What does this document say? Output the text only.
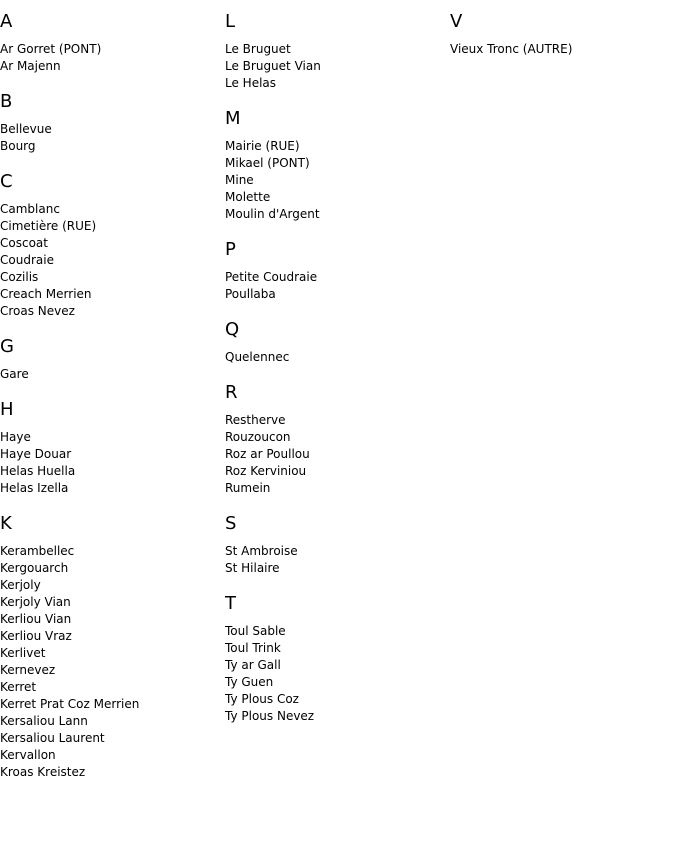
A
Ar Gorret (PONT)
Ar Majenn
B
Bellevue
Bourg
C
Camblanc
Cimetière (RUE)
Coscoat
Coudraie
Cozilis
Creach Merrien
Croas Nevez
G
Gare
H
Haye
Haye Douar
Helas Huella
Helas Izella
K
Kerambellec
Kergouarch
Kerjoly
Kerjoly Vian
Kerliou Vian
Kerliou Vraz
Kerlivet
Kernevez
Kerret
Kerret Prat Coz Merrien
Kersaliou Lann
Kersaliou Laurent
Kervallon
Kroas Kreistez
L
Le Bruguet
Le Bruguet Vian
Le Helas
M
Mairie (RUE)
Mikael (PONT)
Mine
Molette
Moulin d'Argent
P
Petite Coudraie
Poullaba
Q
Quelennec
R
Restherve
Rouzoucon
Roz ar Poullou
Roz Kerviniou
Rumein
S
St Ambroise
St Hilaire
T
Toul Sable
Toul Trink
Ty ar Gall
Ty Guen
Ty Plous Coz
Ty Plous Nevez
V
Vieux Tronc (AUTRE)
